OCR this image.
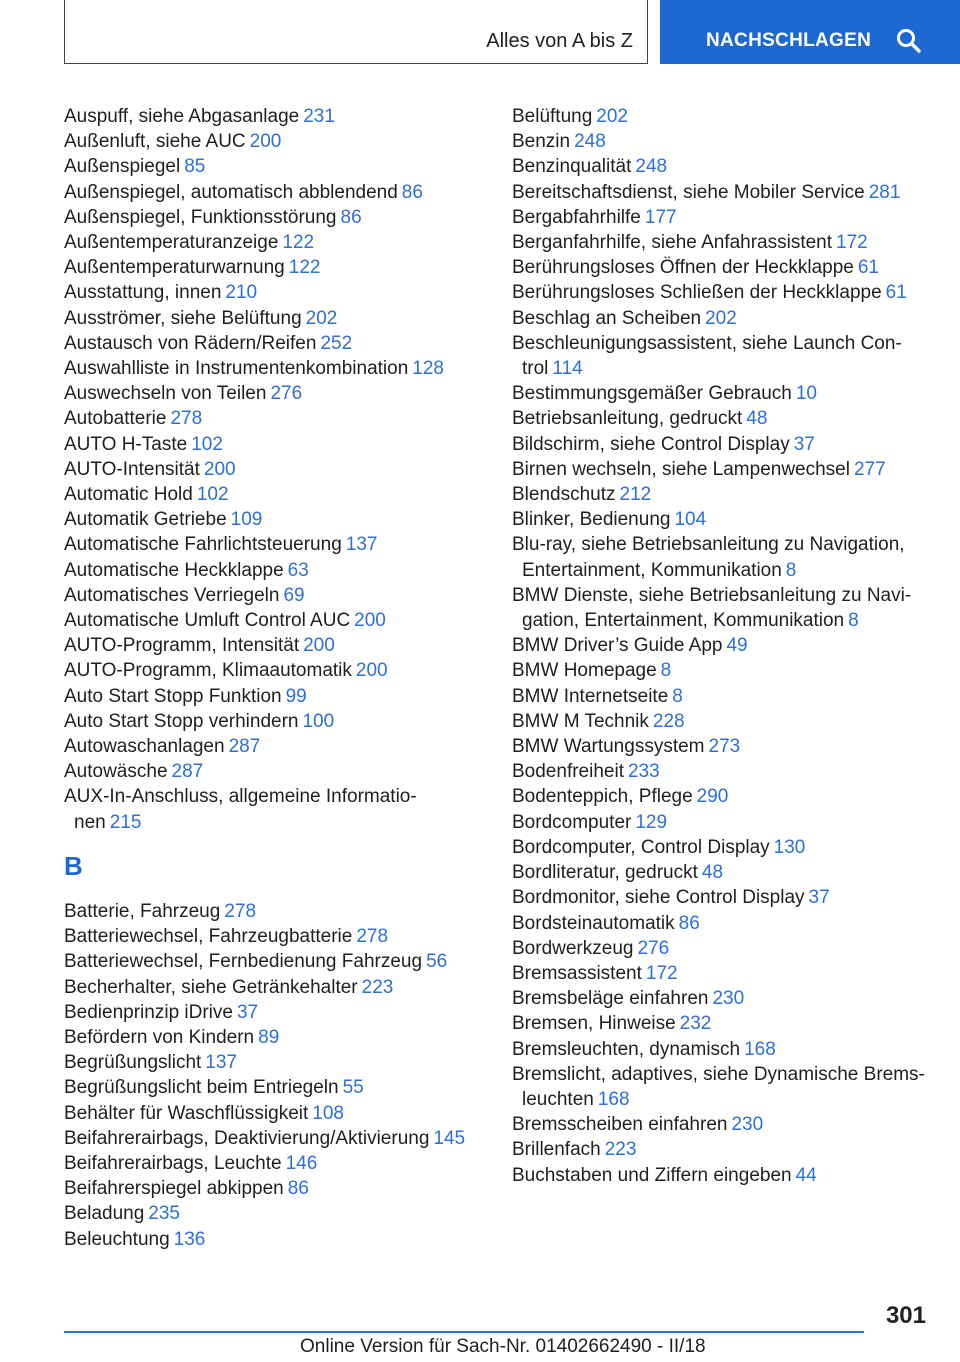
Alles von A bis Z	NACHSCHLAGEN
Auspuff, siehe Abgasanlage 231
Außenluft, siehe AUC 200
Außenspiegel 85
Außenspiegel, automatisch abblendend 86
Außenspiegel, Funktionsstörung 86
Außentemperaturanzeige 122
Außentemperaturwarnung 122
Ausstattung, innen 210
Ausströmer, siehe Belüftung 202
Austausch von Rädern/Reifen 252
Auswahlliste in Instrumentenkombination 128
Auswechseln von Teilen 276
Autobatterie 278
AUTO H-Taste 102
AUTO-Intensität 200
Automatic Hold 102
Automatik Getriebe 109
Automatische Fahrlichtsteuerung 137
Automatische Heckklappe 63
Automatisches Verriegeln 69
Automatische Umluft Control AUC 200
AUTO-Programm, Intensität 200
AUTO-Programm, Klimaautomatik 200
Auto Start Stopp Funktion 99
Auto Start Stopp verhindern 100
Autowaschanlagen 287
Autowäsche 287
AUX-In-Anschluss, allgemeine Informatio- nen 215
B
Batterie, Fahrzeug 278
Batteriewechsel, Fahrzeugbatterie 278
Batteriewechsel, Fernbedienung Fahrzeug 56
Becherhalter, siehe Getränkehalter 223
Bedienprinzip iDrive 37
Befördern von Kindern 89
Begrüßungslicht 137
Begrüßungslicht beim Entriegeln 55
Behälter für Waschflüssigkeit 108
Beifahrerairbags, Deaktivierung/Aktivierung 145
Beifahrerairbags, Leuchte 146
Beifahrerspiegel abkippen 86
Beladung 235
Beleuchtung 136
Belüftung 202
Benzin 248
Benzinqualität 248
Bereitschaftsdienst, siehe Mobiler Service 281
Bergabfahrhilfe 177
Berganfahrhilfe, siehe Anfahrassistent 172
Berührungsloses Öffnen der Heckklappe 61
Berührungsloses Schließen der Heckklappe 61
Beschlag an Scheiben 202
Beschleunigungsassistent, siehe Launch Con- trol 114
Bestimmungsgemäßer Gebrauch 10
Betriebsanleitung, gedruckt 48
Bildschirm, siehe Control Display 37
Birnen wechseln, siehe Lampenwechsel 277
Blendschutz 212
Blinker, Bedienung 104
Blu-ray, siehe Betriebsanleitung zu Navigation, Entertainment, Kommunikation 8
BMW Dienste, siehe Betriebsanleitung zu Navi- gation, Entertainment, Kommunikation 8
BMW Driver’s Guide App 49
BMW Homepage 8
BMW Internetseite 8
BMW M Technik 228
BMW Wartungssystem 273
Bodenfreiheit 233
Bodenteppich, Pflege 290
Bordcomputer 129
Bordcomputer, Control Display 130
Bordliteratur, gedruckt 48
Bordmonitor, siehe Control Display 37
Bordsteinautomatik 86
Bordwerkzeug 276
Bremsassistent 172
Bremsbeläge einfahren 230
Bremsen, Hinweise 232
Bremsleuchten, dynamisch 168
Bremslicht, adaptives, siehe Dynamische Brems- leuchten 168
Bremsscheiben einfahren 230
Brillenfach 223
Buchstaben und Ziffern eingeben 44
301
Online Version für Sach-Nr. 01402662490 - II/18
